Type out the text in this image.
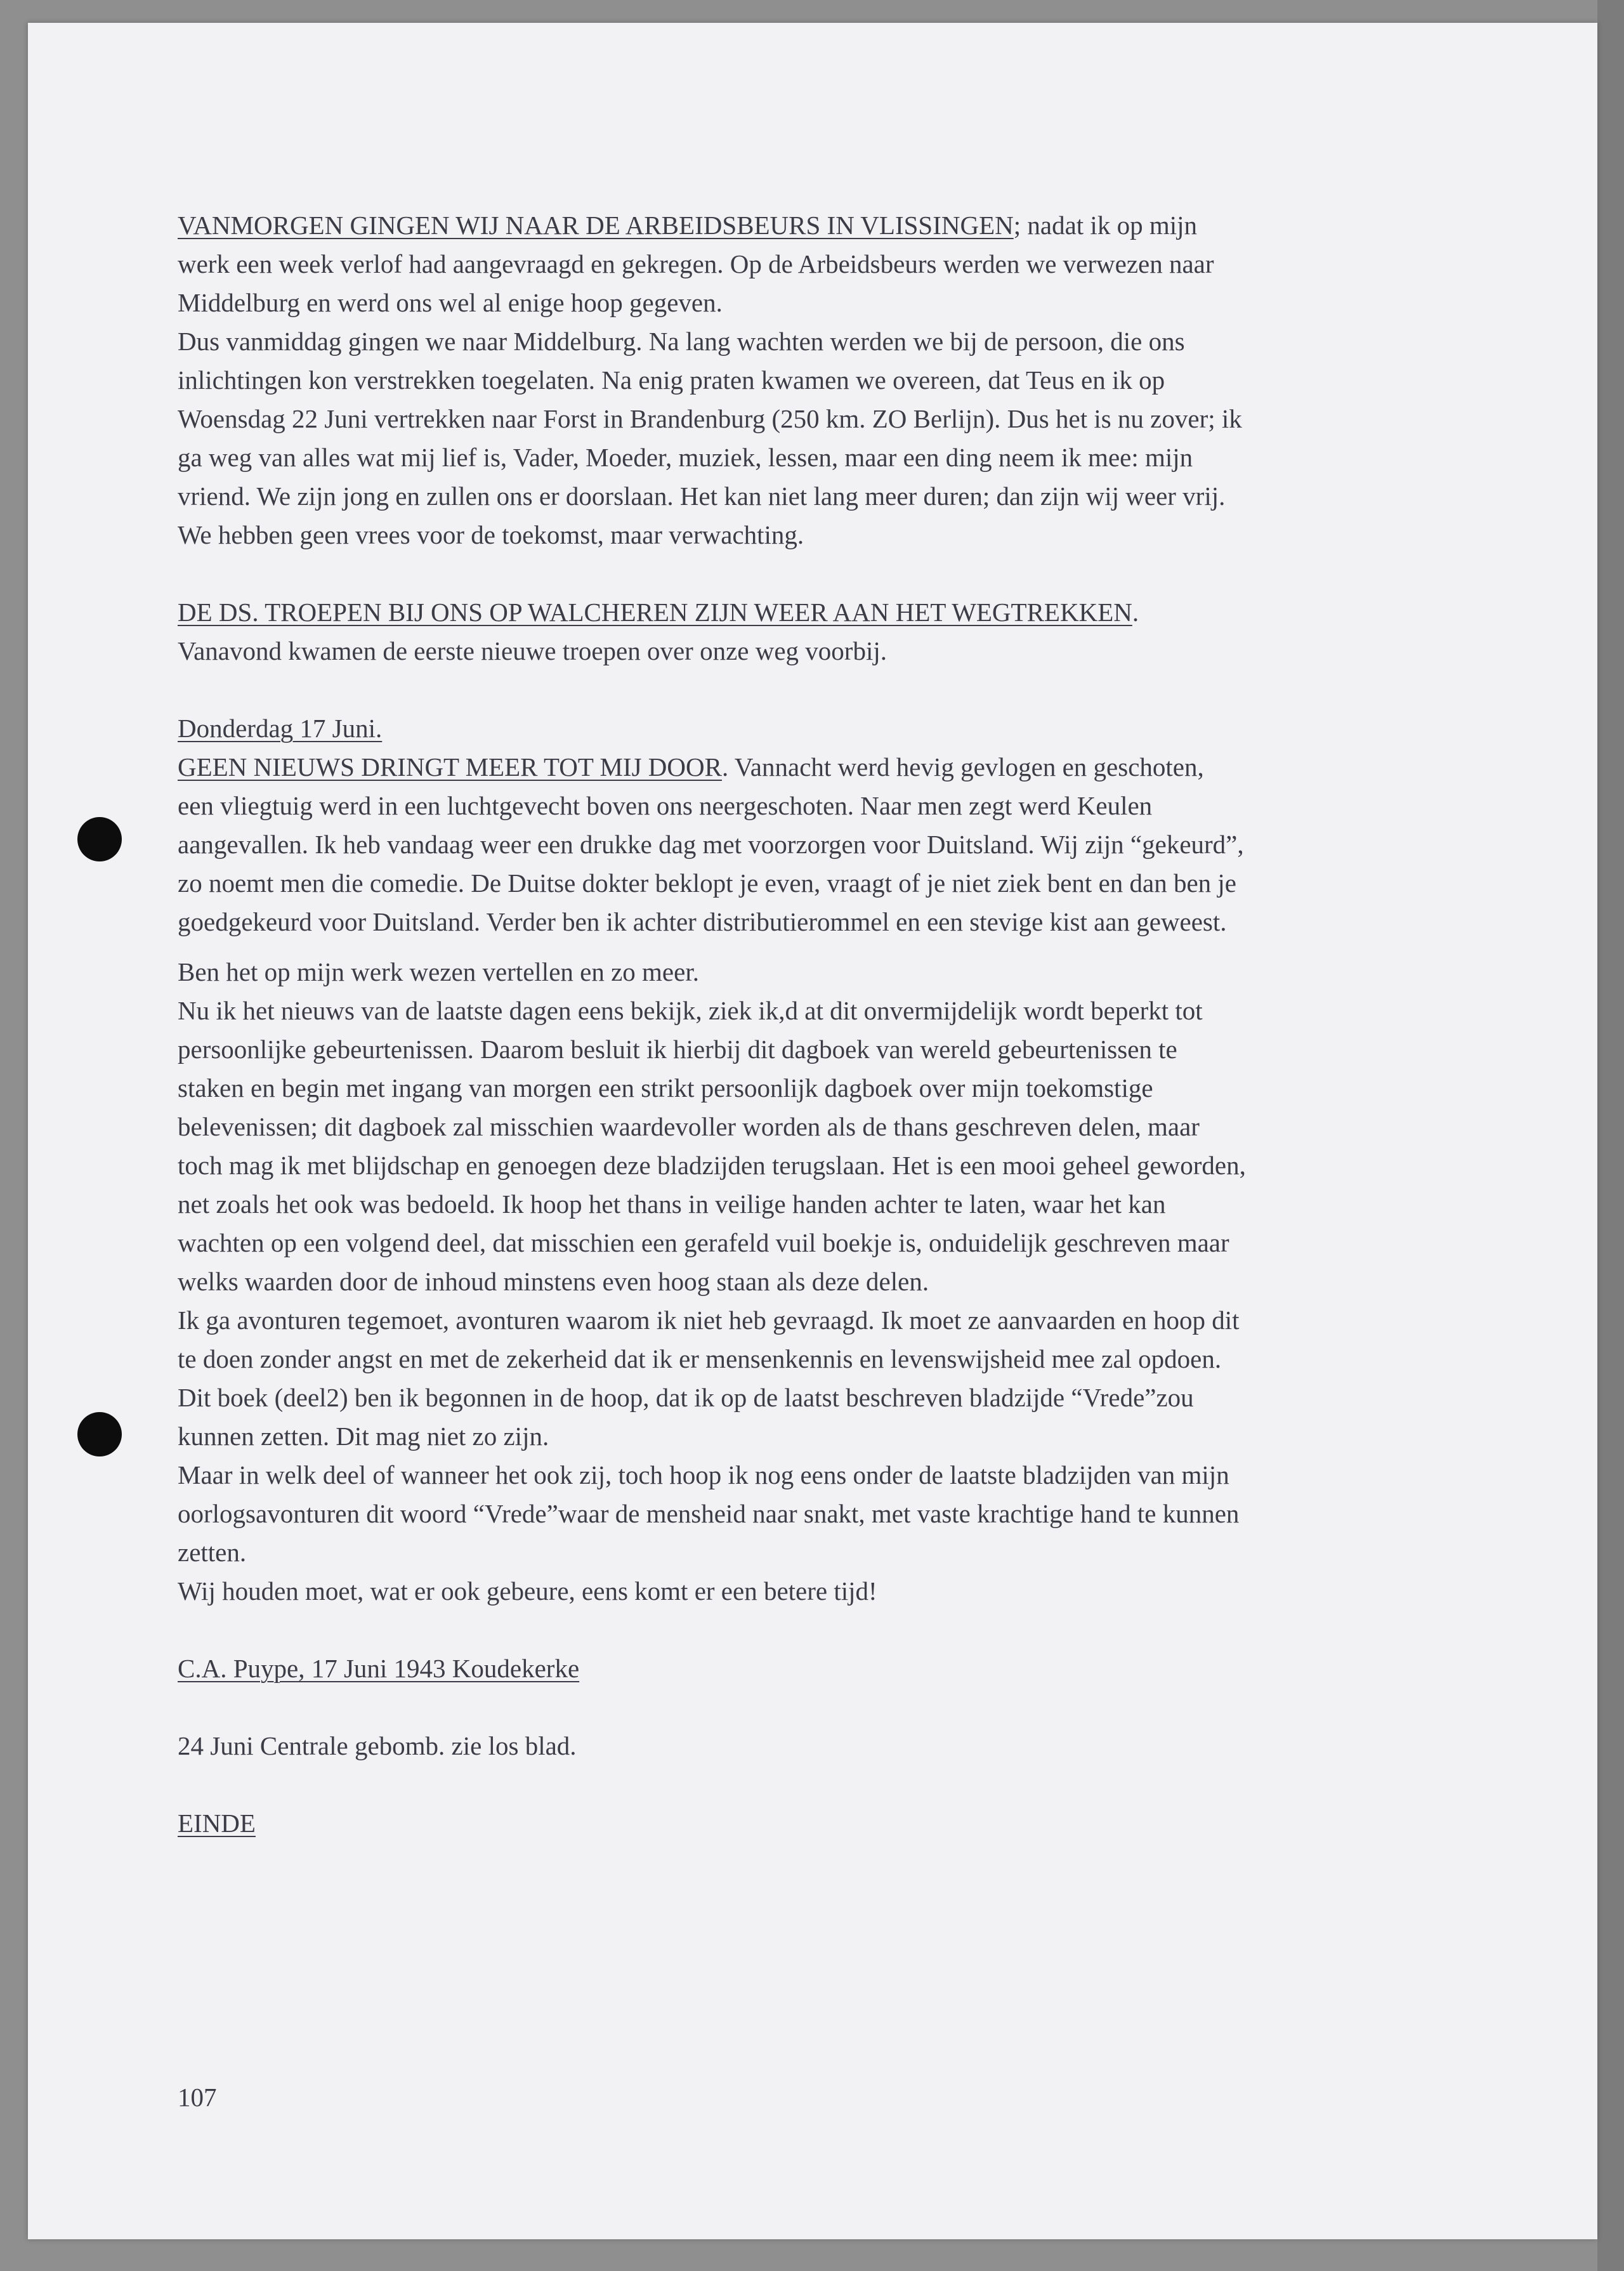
VANMORGEN GINGEN WIJ NAAR DE ARBEIDSBEURS IN VLISSINGEN; nadat ik op mijn
werk een week verlof had aangevraagd en gekregen. Op de Arbeidsbeurs werden we verwezen naar
Middelburg en werd ons wel al enige hoop gegeven.
Dus vanmiddag gingen we naar Middelburg. Na lang wachten werden we bij de persoon, die ons
inlichtingen kon verstrekken toegelaten. Na enig praten kwamen we overeen, dat Teus en ik op
Woensdag 22 Juni vertrekken naar Forst in Brandenburg (250 km. ZO Berlijn). Dus het is nu zover; ik
ga weg van alles wat mij lief is, Vader, Moeder, muziek, lessen, maar een ding neem ik mee: mijn
vriend. We zijn jong en zullen ons er doorslaan. Het kan niet lang meer duren; dan zijn wij weer vrij.
We hebben geen vrees voor de toekomst, maar verwachting.

DE DS. TROEPEN BIJ ONS OP WALCHEREN ZIJN WEER AAN HET WEGTREKKEN.
Vanavond kwamen de eerste nieuwe troepen over onze weg voorbij.

Donderdag 17 Juni.
GEEN NIEUWS DRINGT MEER TOT MIJ DOOR. Vannacht werd hevig gevlogen en geschoten,
een vliegtuig werd in een luchtgevecht boven ons neergeschoten. Naar men zegt werd Keulen
aangevallen. Ik heb vandaag weer een drukke dag met voorzorgen voor Duitsland. Wij zijn “gekeurd”,
zo noemt men die comedie. De Duitse dokter beklopt je even, vraagt of je niet ziek bent en dan ben je
goedgekeurd voor Duitsland. Verder ben ik achter distributierommel en een stevige kist aan geweest.

Ben het op mijn werk wezen vertellen en zo meer.
Nu ik het nieuws van de laatste dagen eens bekijk, ziek ik,d at dit onvermijdelijk wordt beperkt tot
persoonlijke gebeurtenissen. Daarom besluit ik hierbij dit dagboek van wereld gebeurtenissen te
staken en begin met ingang van morgen een strikt persoonlijk dagboek over mijn toekomstige
belevenissen; dit dagboek zal misschien waardevoller worden als de thans geschreven delen, maar
toch mag ik met blijdschap en genoegen deze bladzijden terugslaan. Het is een mooi geheel geworden,
net zoals het ook was bedoeld. Ik hoop het thans in veilige handen achter te laten, waar het kan
wachten op een volgend deel, dat misschien een gerafeld vuil boekje is, onduidelijk geschreven maar
welks waarden door de inhoud minstens even hoog staan als deze delen.
Ik ga avonturen tegemoet, avonturen waarom ik niet heb gevraagd. Ik moet ze aanvaarden en hoop dit
te doen zonder angst en met de zekerheid dat ik er mensenkennis en levenswijsheid mee zal opdoen.
Dit boek (deel2) ben ik begonnen in de hoop, dat ik op de laatst beschreven bladzijde “Vrede”zou
kunnen zetten. Dit mag niet zo zijn.
Maar in welk deel of wanneer het ook zij, toch hoop ik nog eens onder de laatste bladzijden van mijn
oorlogsavonturen dit woord “Vrede”waar de mensheid naar snakt, met vaste krachtige hand te kunnen
zetten.
Wij houden moet, wat er ook gebeure, eens komt er een betere tijd!

C.A. Puype, 17 Juni 1943 Koudekerke

24 Juni Centrale gebomb. zie los blad.

EINDE

107
